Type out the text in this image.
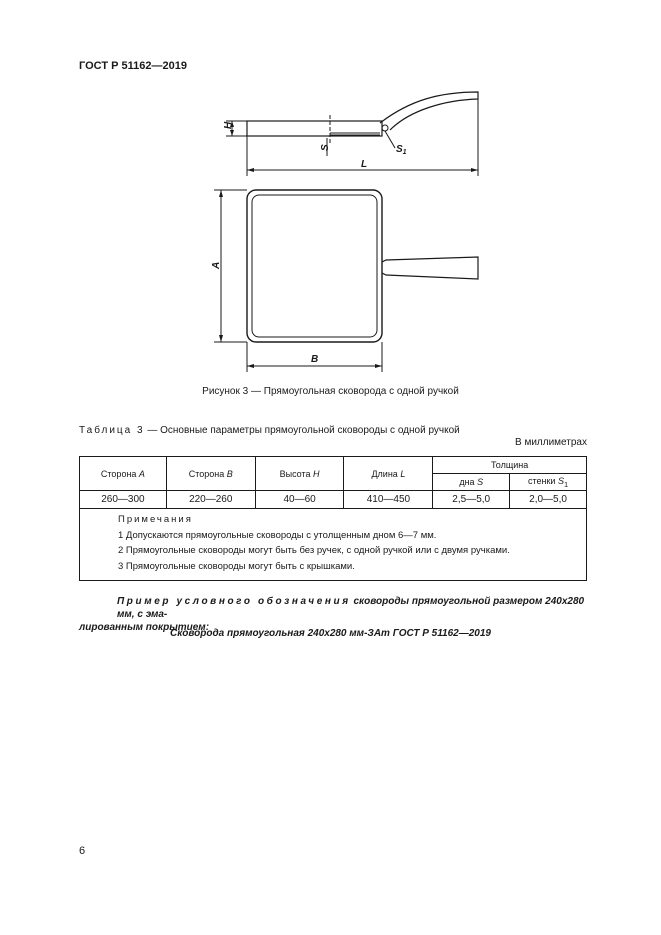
ГОСТ Р 51162—2019
H
S	$S_1$
L
A
B
Рисунок 3 — Прямоугольная сковорода с одной ручкой
Таблица 3 — Основные параметры прямоугольной сковороды с одной ручкой
В миллиметрах
Сторона A	Сторона B	Высота H	Длина L	Толщина	
				дна S	стенки $S_1$
260—300	220—260	40—60	410—450	2,5—5,0	2,0—5,0

Примечания
1 Допускаются прямоугольные сковороды с утолщенным дном 6—7 мм.
2 Прямоугольные сковороды могут быть без ручек, с одной ручкой или с двумя ручками.
3 Прямоугольные сковороды могут быть с крышками.					
Пример условного обозначения сковороды прямоугольной размером 240x280 мм, с эма-
лированным покрытием:
Сковорода прямоугольная 240x280 мм-ЗАт ГОСТ Р 51162—2019
6
